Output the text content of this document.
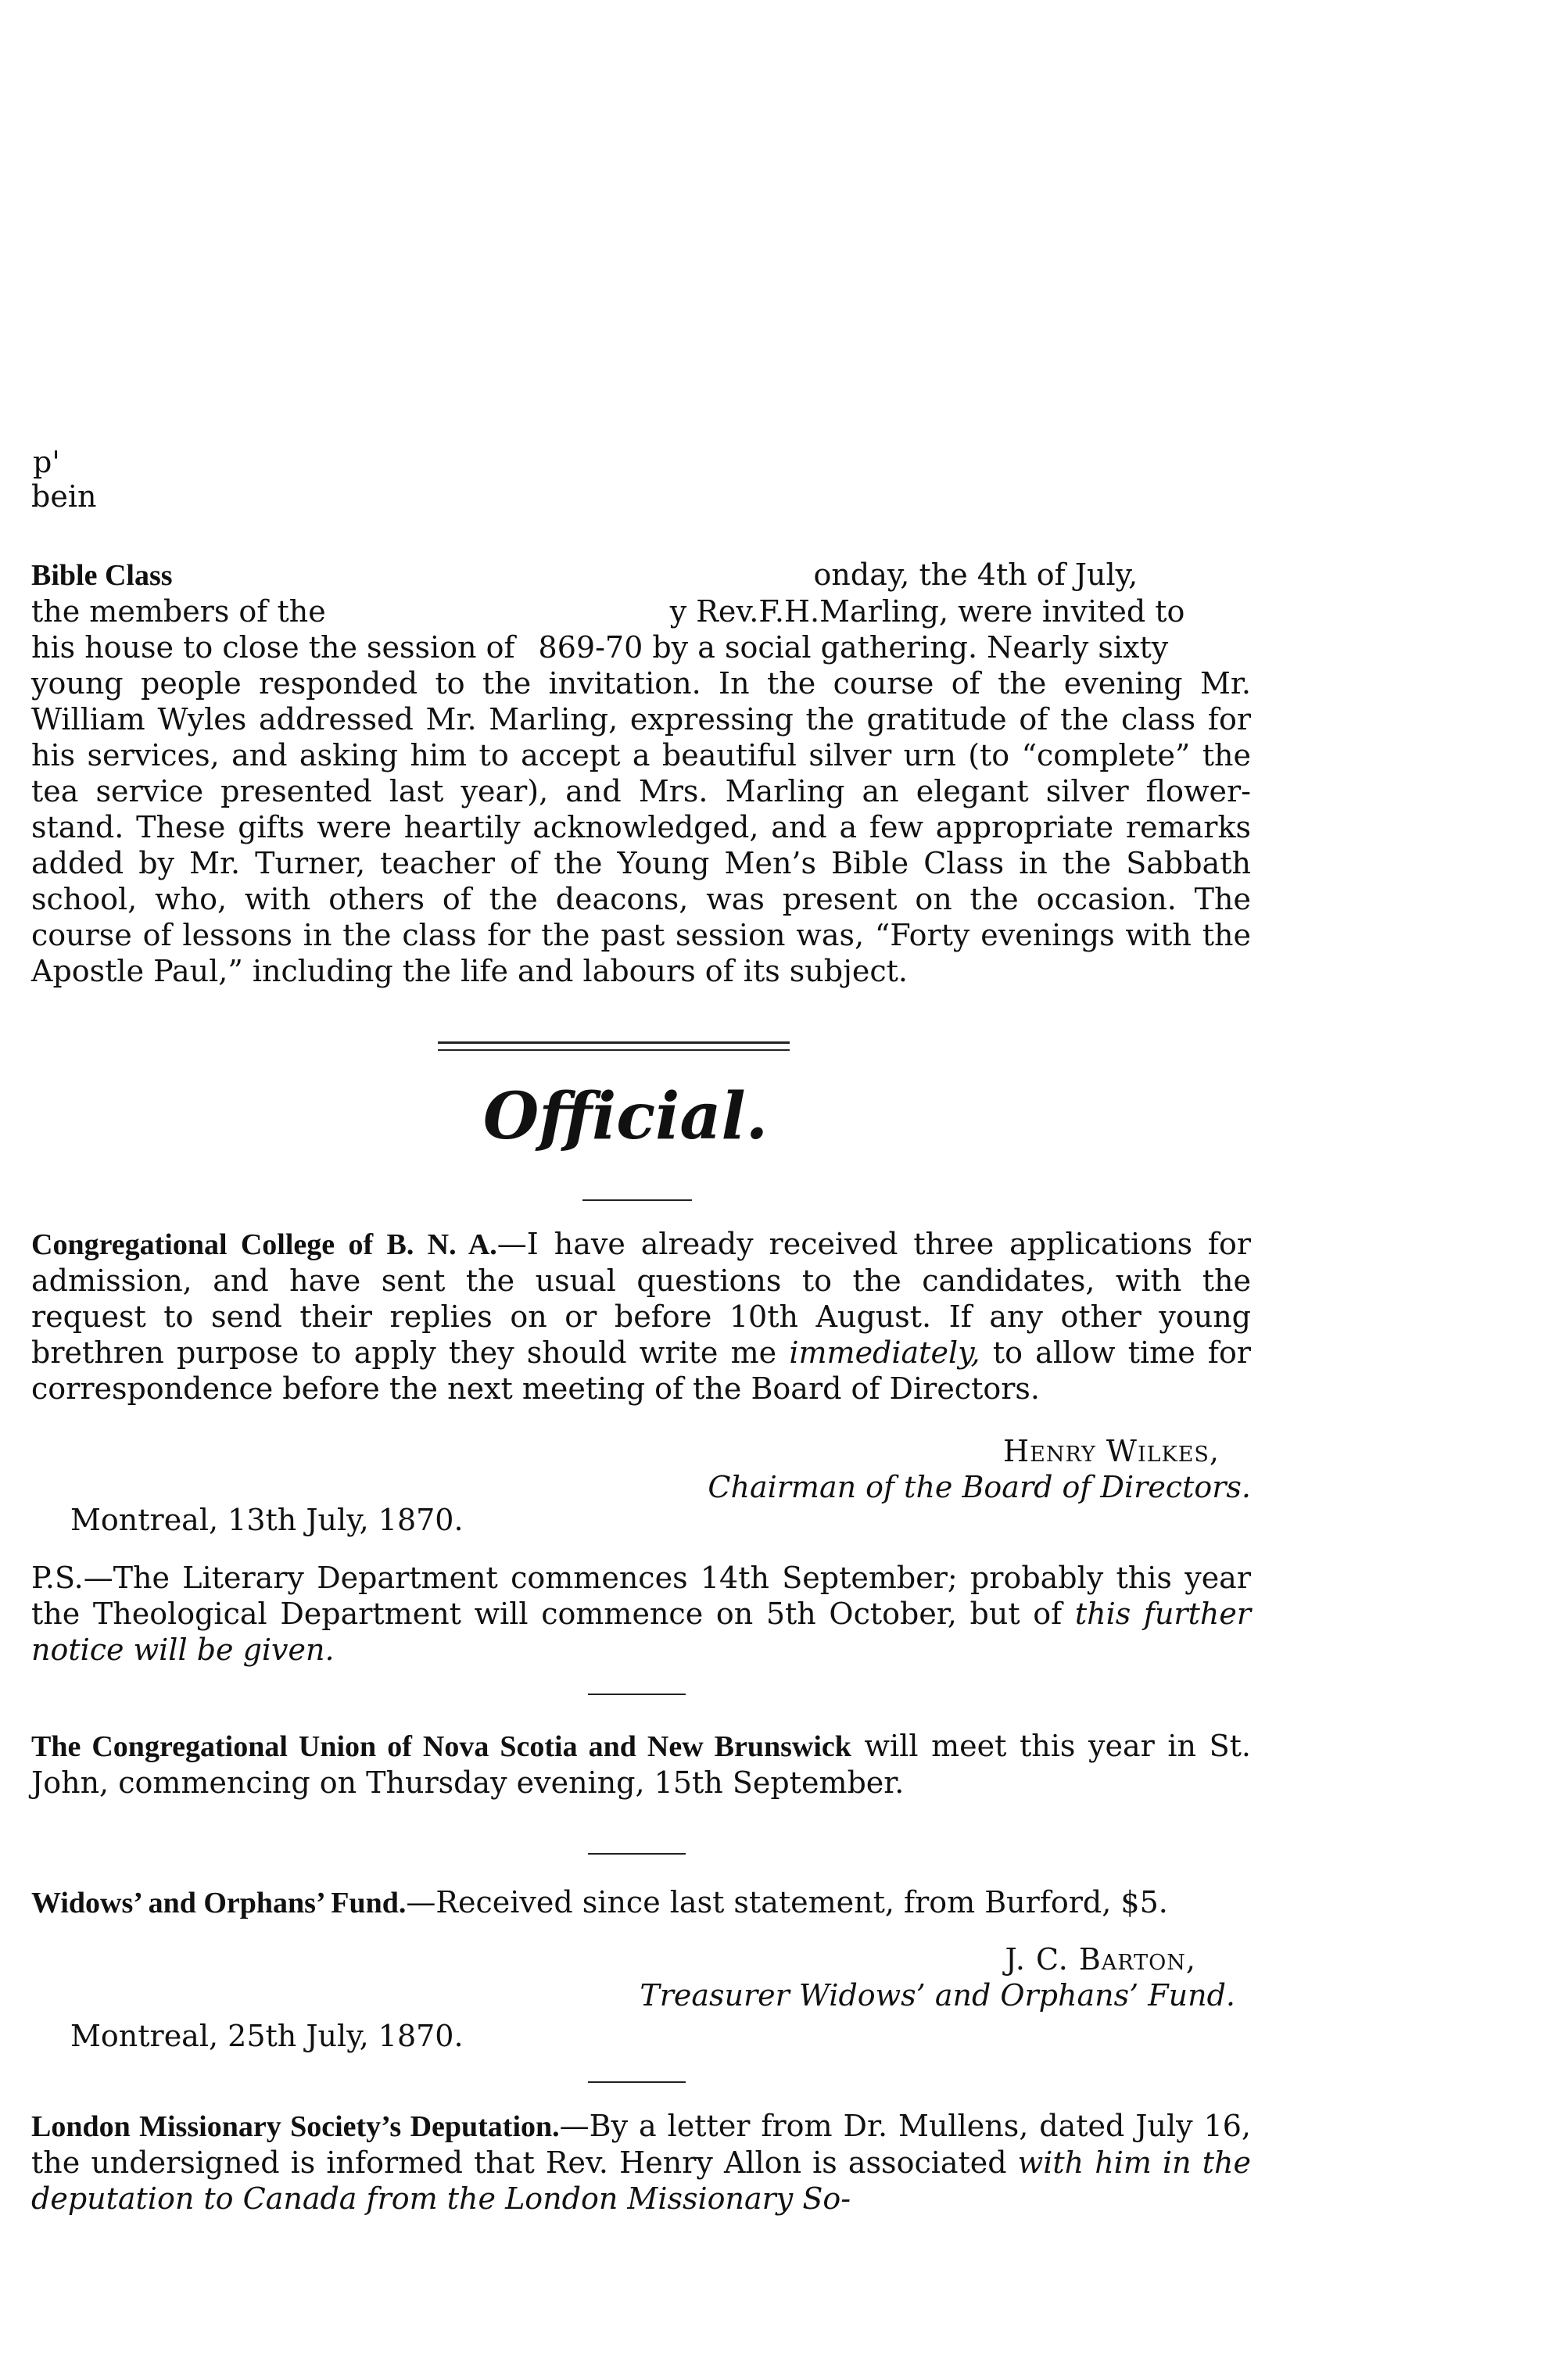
p'
bein

Bible Class	onday, the 4th of July,

the members of the	y Rev.F.H.Marling, were invited to

his house to close the session of 869-70 by a social gathering. Nearly sixty

young people responded to the invitation. In the course of the evening Mr. William Wyles addressed Mr. Marling, expressing the gratitude of the class for his services, and asking him to accept a beautiful silver urn (to “complete” the tea service presented last year), and Mrs. Marling an elegant silver flower-stand. These gifts were heartily acknowledged, and a few appropriate remarks added by Mr. Turner, teacher of the Young Men’s Bible Class in the Sabbath school, who, with others of the deacons, was present on the occasion. The course of lessons in the class for the past session was, “Forty evenings with the Apostle Paul,” including the life and labours of its subject.

Official.

Congregational College of B. N. A.—I have already received three applications for admission, and have sent the usual questions to the candidates, with the request to send their replies on or before 10th August. If any other young brethren purpose to apply they should write me immediately, to allow time for correspondence before the next meeting of the Board of Directors.

Henry Wilkes,

Chairman of the Board of Directors.

Montreal, 13th July, 1870.

P.S.—The Literary Department commences 14th September; probably this year the Theological Department will commence on 5th October, but of this further notice will be given.

The Congregational Union of Nova Scotia and New Brunswick will meet this year in St. John, commencing on Thursday evening, 15th September.

Widows’ and Orphans’ Fund.—Received since last statement, from Burford, $5.

J. C. Barton,

Treasurer Widows’ and Orphans’ Fund.

Montreal, 25th July, 1870.

London Missionary Society’s Deputation.—By a letter from Dr. Mullens, dated July 16, the undersigned is informed that Rev. Henry Allon is associated with him in the deputation to Canada from the London Missionary So-
